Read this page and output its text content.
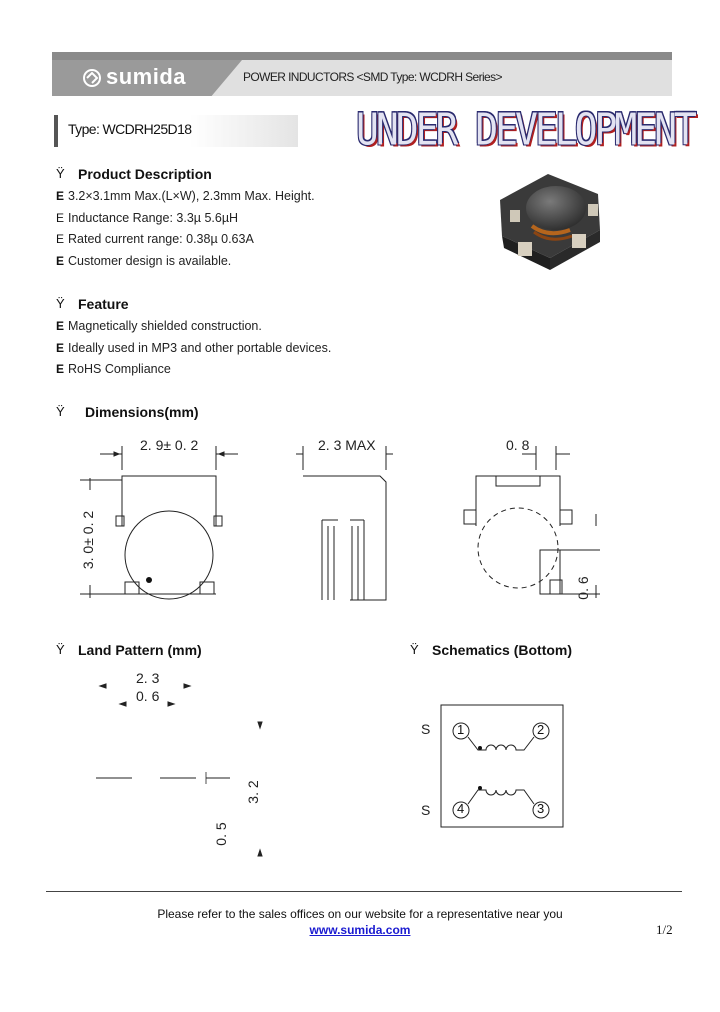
sumida	POWER INDUCTORS <SMD Type: WCDRH Series>
Type: WCDRH25D18	UNDER DEVELOPMENT
Ÿ Product Description
E 3.2×3.1mm Max.(L×W), 2.3mm Max. Height.
E Inductance Range: 3.3µ 5.6µH
E Rated current range: 0.38µ 0.63A
E Customer design is available.
Ÿ Feature
E Magnetically shielded construction.
E Ideally used in MP3 and other portable devices.
E RoHS Compliance
Ÿ Dimensions(mm)
2. 9± 0. 2	2. 3 MAX	0. 8
3. 0± 0. 2
0. 6
Ÿ Land Pattern (mm)
2. 3
0. 6
3. 2
0. 5
Ÿ Schematics (Bottom)
S
S
1	2
4	3
Please refer to the sales offices on our website for a representative near you
www.sumida.com	1/2
